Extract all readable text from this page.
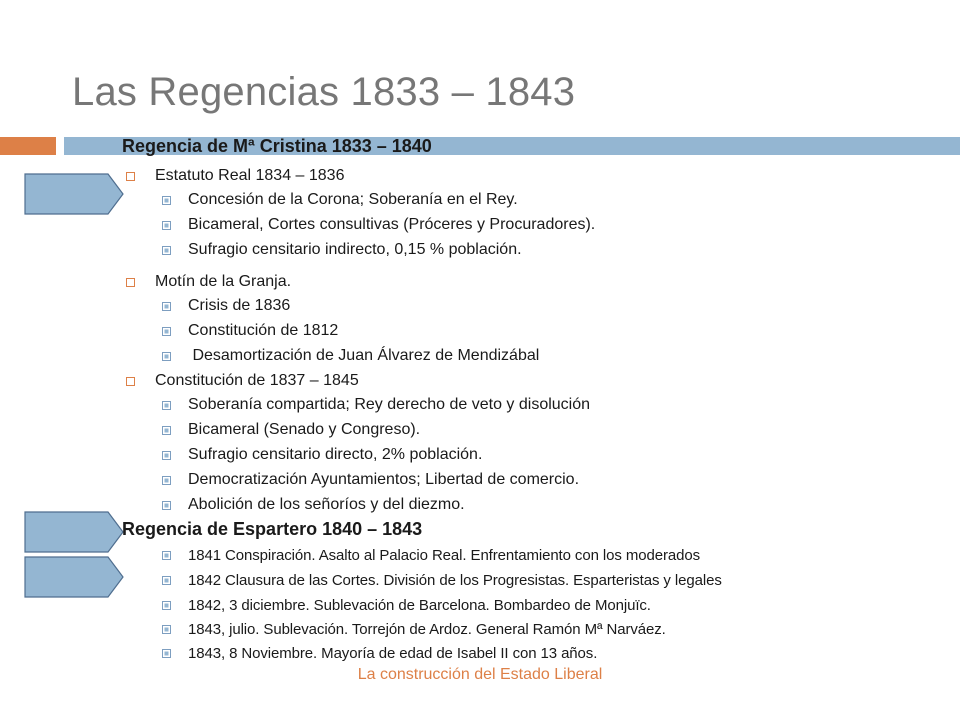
Las Regencias 1833 – 1843
Regencia de Mª Cristina 1833 – 1840
Estatuto Real 1834 – 1836
Concesión de la Corona; Soberanía en el Rey.
Bicameral, Cortes consultivas (Próceres y Procuradores).
Sufragio censitario indirecto, 0,15 % población.
Motín de la Granja.
Crisis de 1836
Constitución de 1812
Desamortización de Juan Álvarez de Mendizábal
Constitución de 1837 – 1845
Soberanía compartida; Rey derecho de veto y disolución
Bicameral (Senado y Congreso).
Sufragio censitario directo, 2% población.
Democratización Ayuntamientos; Libertad de comercio.
Abolición de los señoríos y del diezmo.
Regencia de Espartero 1840 – 1843
1841 Conspiración. Asalto al Palacio Real. Enfrentamiento con los moderados
1842 Clausura de las Cortes. División de los Progresistas. Esparteristas y legales
1842, 3 diciembre. Sublevación de Barcelona. Bombardeo de Monjuïc.
1843, julio. Sublevación. Torrejón de Ardoz. General Ramón Mª Narváez.
1843, 8 Noviembre. Mayoría de edad de Isabel II con 13 años.
La construcción del Estado Liberal
